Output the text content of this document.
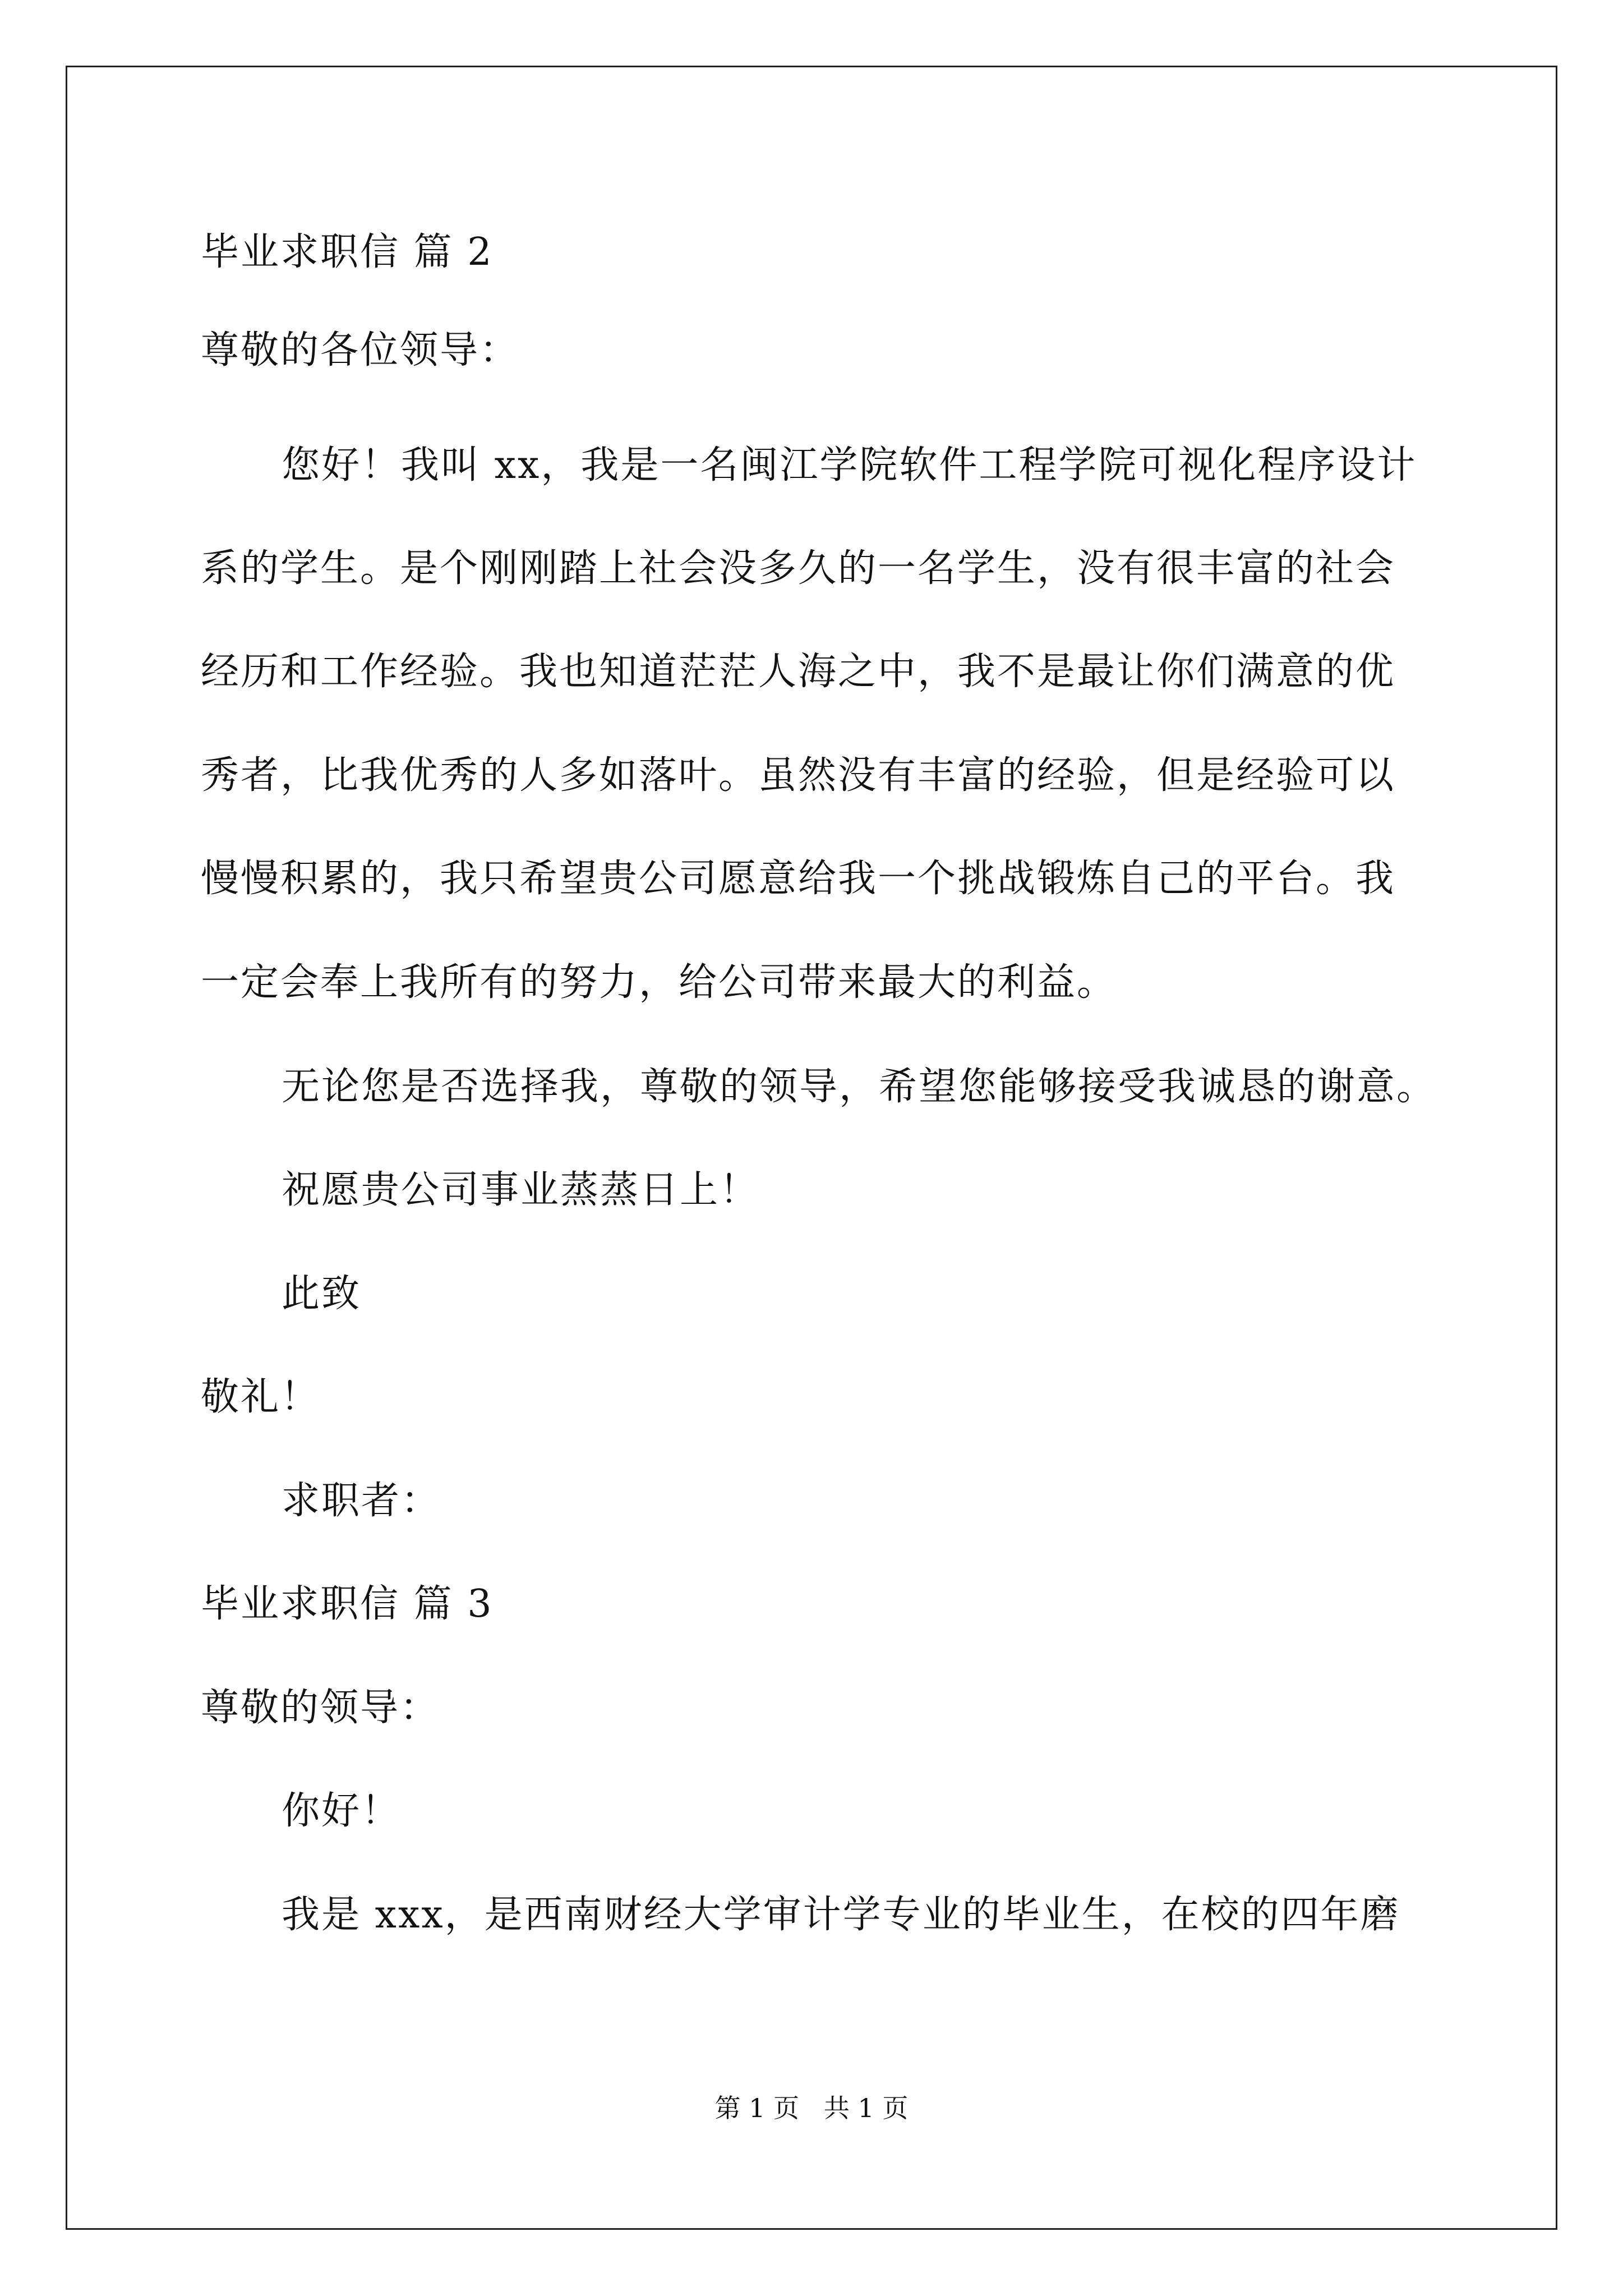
毕业求职信 篇 2
尊敬的各位领导：
您好！我叫 xx，我是一名闽江学院软件工程学院可视化程序设计
系的学生。是个刚刚踏上社会没多久的一名学生，没有很丰富的社会
经历和工作经验。我也知道茫茫人海之中，我不是最让你们满意的优
秀者，比我优秀的人多如落叶。虽然没有丰富的经验，但是经验可以
慢慢积累的，我只希望贵公司愿意给我一个挑战锻炼自己的平台。我
一定会奉上我所有的努力，给公司带来最大的利益。
无论您是否选择我，尊敬的领导，希望您能够接受我诚恳的谢意。
祝愿贵公司事业蒸蒸日上！
此致
敬礼！
求职者：
毕业求职信 篇 3
尊敬的领导：
你好！
我是 xxx，是西南财经大学审计学专业的毕业生，在校的四年磨
第 1 页   共 1 页
